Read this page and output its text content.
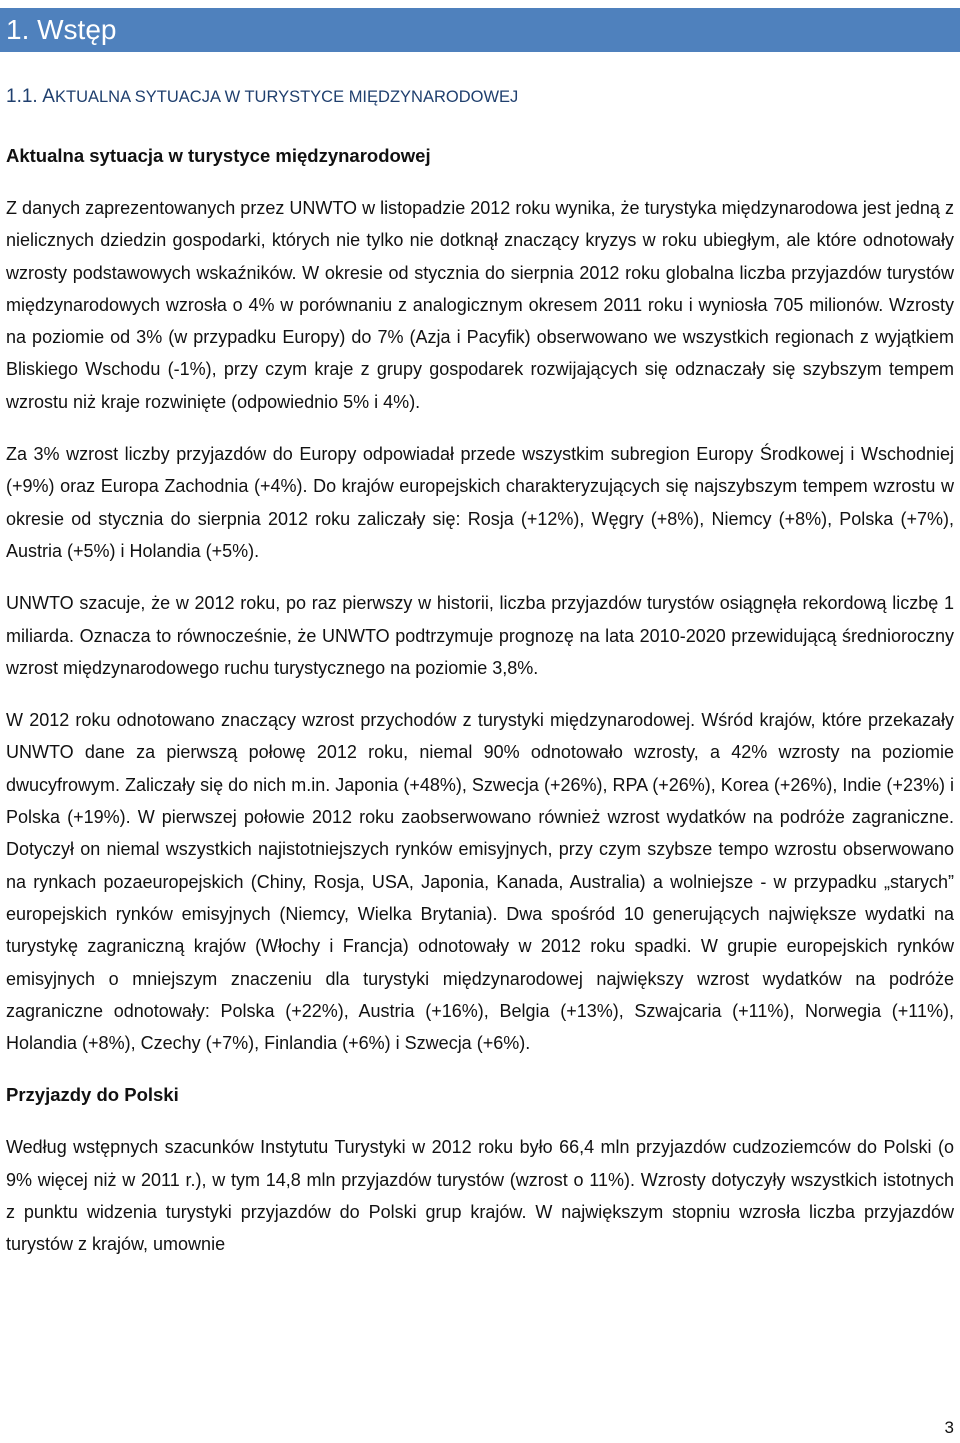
1. Wstęp
1.1. AKTUALNA SYTUACJA W TURYSTYCE MIĘDZYNARODOWEJ
Aktualna sytuacja w turystyce międzynarodowej

Z danych zaprezentowanych przez UNWTO w listopadzie 2012 roku wynika, że turystyka międzynarodowa jest jedną z nielicznych dziedzin gospodarki, których nie tylko nie dotknął znaczący kryzys w roku ubiegłym, ale które odnotowały wzrosty podstawowych wskaźników. W okresie od stycznia do sierpnia 2012 roku globalna liczba przyjazdów turystów międzynarodowych wzrosła o 4% w porównaniu z analogicznym okresem 2011 roku i wyniosła 705 milionów. Wzrosty na poziomie od 3% (w przypadku Europy) do 7% (Azja i Pacyfik) obserwowano we wszystkich regionach z wyjątkiem Bliskiego Wschodu (-1%), przy czym kraje z grupy gospodarek rozwijających się odznaczały się szybszym tempem wzrostu niż kraje rozwinięte (odpowiednio 5% i 4%).

Za 3% wzrost liczby przyjazdów do Europy odpowiadał przede wszystkim subregion Europy Środkowej i Wschodniej (+9%) oraz Europa Zachodnia (+4%). Do krajów europejskich charakteryzujących się najszybszym tempem wzrostu w okresie od stycznia do sierpnia 2012 roku zaliczały się: Rosja (+12%), Węgry (+8%), Niemcy (+8%), Polska (+7%), Austria (+5%) i Holandia (+5%).

UNWTO szacuje, że w 2012 roku, po raz pierwszy w historii, liczba przyjazdów turystów osiągnęła rekordową liczbę 1 miliarda. Oznacza to równocześnie, że UNWTO podtrzymuje prognozę na lata 2010-2020 przewidującą średnioroczny wzrost międzynarodowego ruchu turystycznego na poziomie 3,8%.

W 2012 roku odnotowano znaczący wzrost przychodów z turystyki międzynarodowej. Wśród krajów, które przekazały UNWTO dane za pierwszą połowę 2012 roku, niemal 90% odnotowało wzrosty, a 42% wzrosty na poziomie dwucyfrowym. Zaliczały się do nich m.in. Japonia (+48%), Szwecja (+26%), RPA (+26%), Korea (+26%), Indie (+23%) i Polska (+19%). W pierwszej połowie 2012 roku zaobserwowano również wzrost wydatków na podróże zagraniczne. Dotyczył on niemal wszystkich najistotniejszych rynków emisyjnych, przy czym szybsze tempo wzrostu obserwowano na rynkach pozaeuropejskich (Chiny, Rosja, USA, Japonia, Kanada, Australia) a wolniejsze - w przypadku „starych” europejskich rynków emisyjnych (Niemcy, Wielka Brytania). Dwa spośród 10 generujących największe wydatki na turystykę zagraniczną krajów (Włochy i Francja) odnotowały w 2012 roku spadki. W grupie europejskich rynków emisyjnych o mniejszym znaczeniu dla turystyki międzynarodowej największy wzrost wydatków na podróże zagraniczne odnotowały: Polska (+22%), Austria (+16%), Belgia (+13%), Szwajcaria (+11%), Norwegia (+11%), Holandia (+8%), Czechy (+7%), Finlandia (+6%) i Szwecja (+6%).

Przyjazdy do Polski

Według wstępnych szacunków Instytutu Turystyki w 2012 roku było 66,4 mln przyjazdów cudzoziemców do Polski (o 9% więcej niż w 2011 r.), w tym 14,8 mln przyjazdów turystów (wzrost o 11%). Wzrosty dotyczyły wszystkich istotnych z punktu widzenia turystyki przyjazdów do Polski grup krajów. W największym stopniu wzrosła liczba przyjazdów turystów z krajów, umownie

3
